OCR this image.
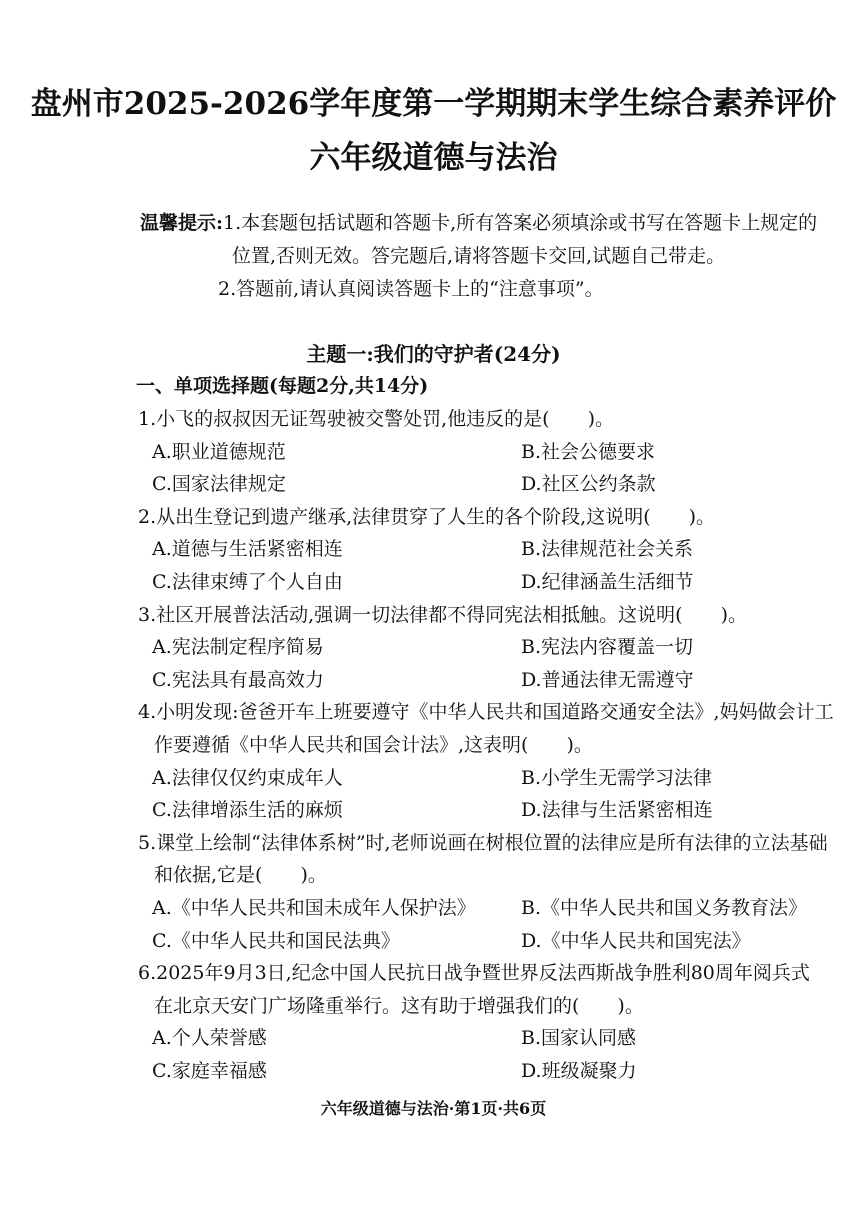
盘州市2025-2026学年度第一学期期末学生综合素养评价
六年级道德与法治
温馨提示:1.本套题包括试题和答题卡,所有答案必须填涂或书写在答题卡上规定的
位置,否则无效。答完题后,请将答题卡交回,试题自己带走。
2.答题前,请认真阅读答题卡上的“注意事项”。
主题一:我们的守护者(24分)
一、单项选择题(每题2分,共14分)
1.小飞的叔叔因无证驾驶被交警处罚,他违反的是(　　)。
A.职业道德规范	B.社会公德要求
C.国家法律规定	D.社区公约条款
2.从出生登记到遗产继承,法律贯穿了人生的各个阶段,这说明(　　)。
A.道德与生活紧密相连	B.法律规范社会关系
C.法律束缚了个人自由	D.纪律涵盖生活细节
3.社区开展普法活动,强调一切法律都不得同宪法相抵触。这说明(　　)。
A.宪法制定程序简易	B.宪法内容覆盖一切
C.宪法具有最高效力	D.普通法律无需遵守
4.小明发现:爸爸开车上班要遵守《中华人民共和国道路交通安全法》,妈妈做会计工
作要遵循《中华人民共和国会计法》,这表明(　　)。
A.法律仅仅约束成年人	B.小学生无需学习法律
C.法律增添生活的麻烦	D.法律与生活紧密相连
5.课堂上绘制“法律体系树”时,老师说画在树根位置的法律应是所有法律的立法基础
和依据,它是(　　)。
A.《中华人民共和国未成年人保护法》 B.《中华人民共和国义务教育法》
C.《中华人民共和国民法典》	D.《中华人民共和国宪法》
6.2025年9月3日,纪念中国人民抗日战争暨世界反法西斯战争胜利80周年阅兵式
在北京天安门广场隆重举行。这有助于增强我们的(　　)。
A.个人荣誉感	B.国家认同感
C.家庭幸福感	D.班级凝聚力
六年级道德与法治·第1页·共6页
